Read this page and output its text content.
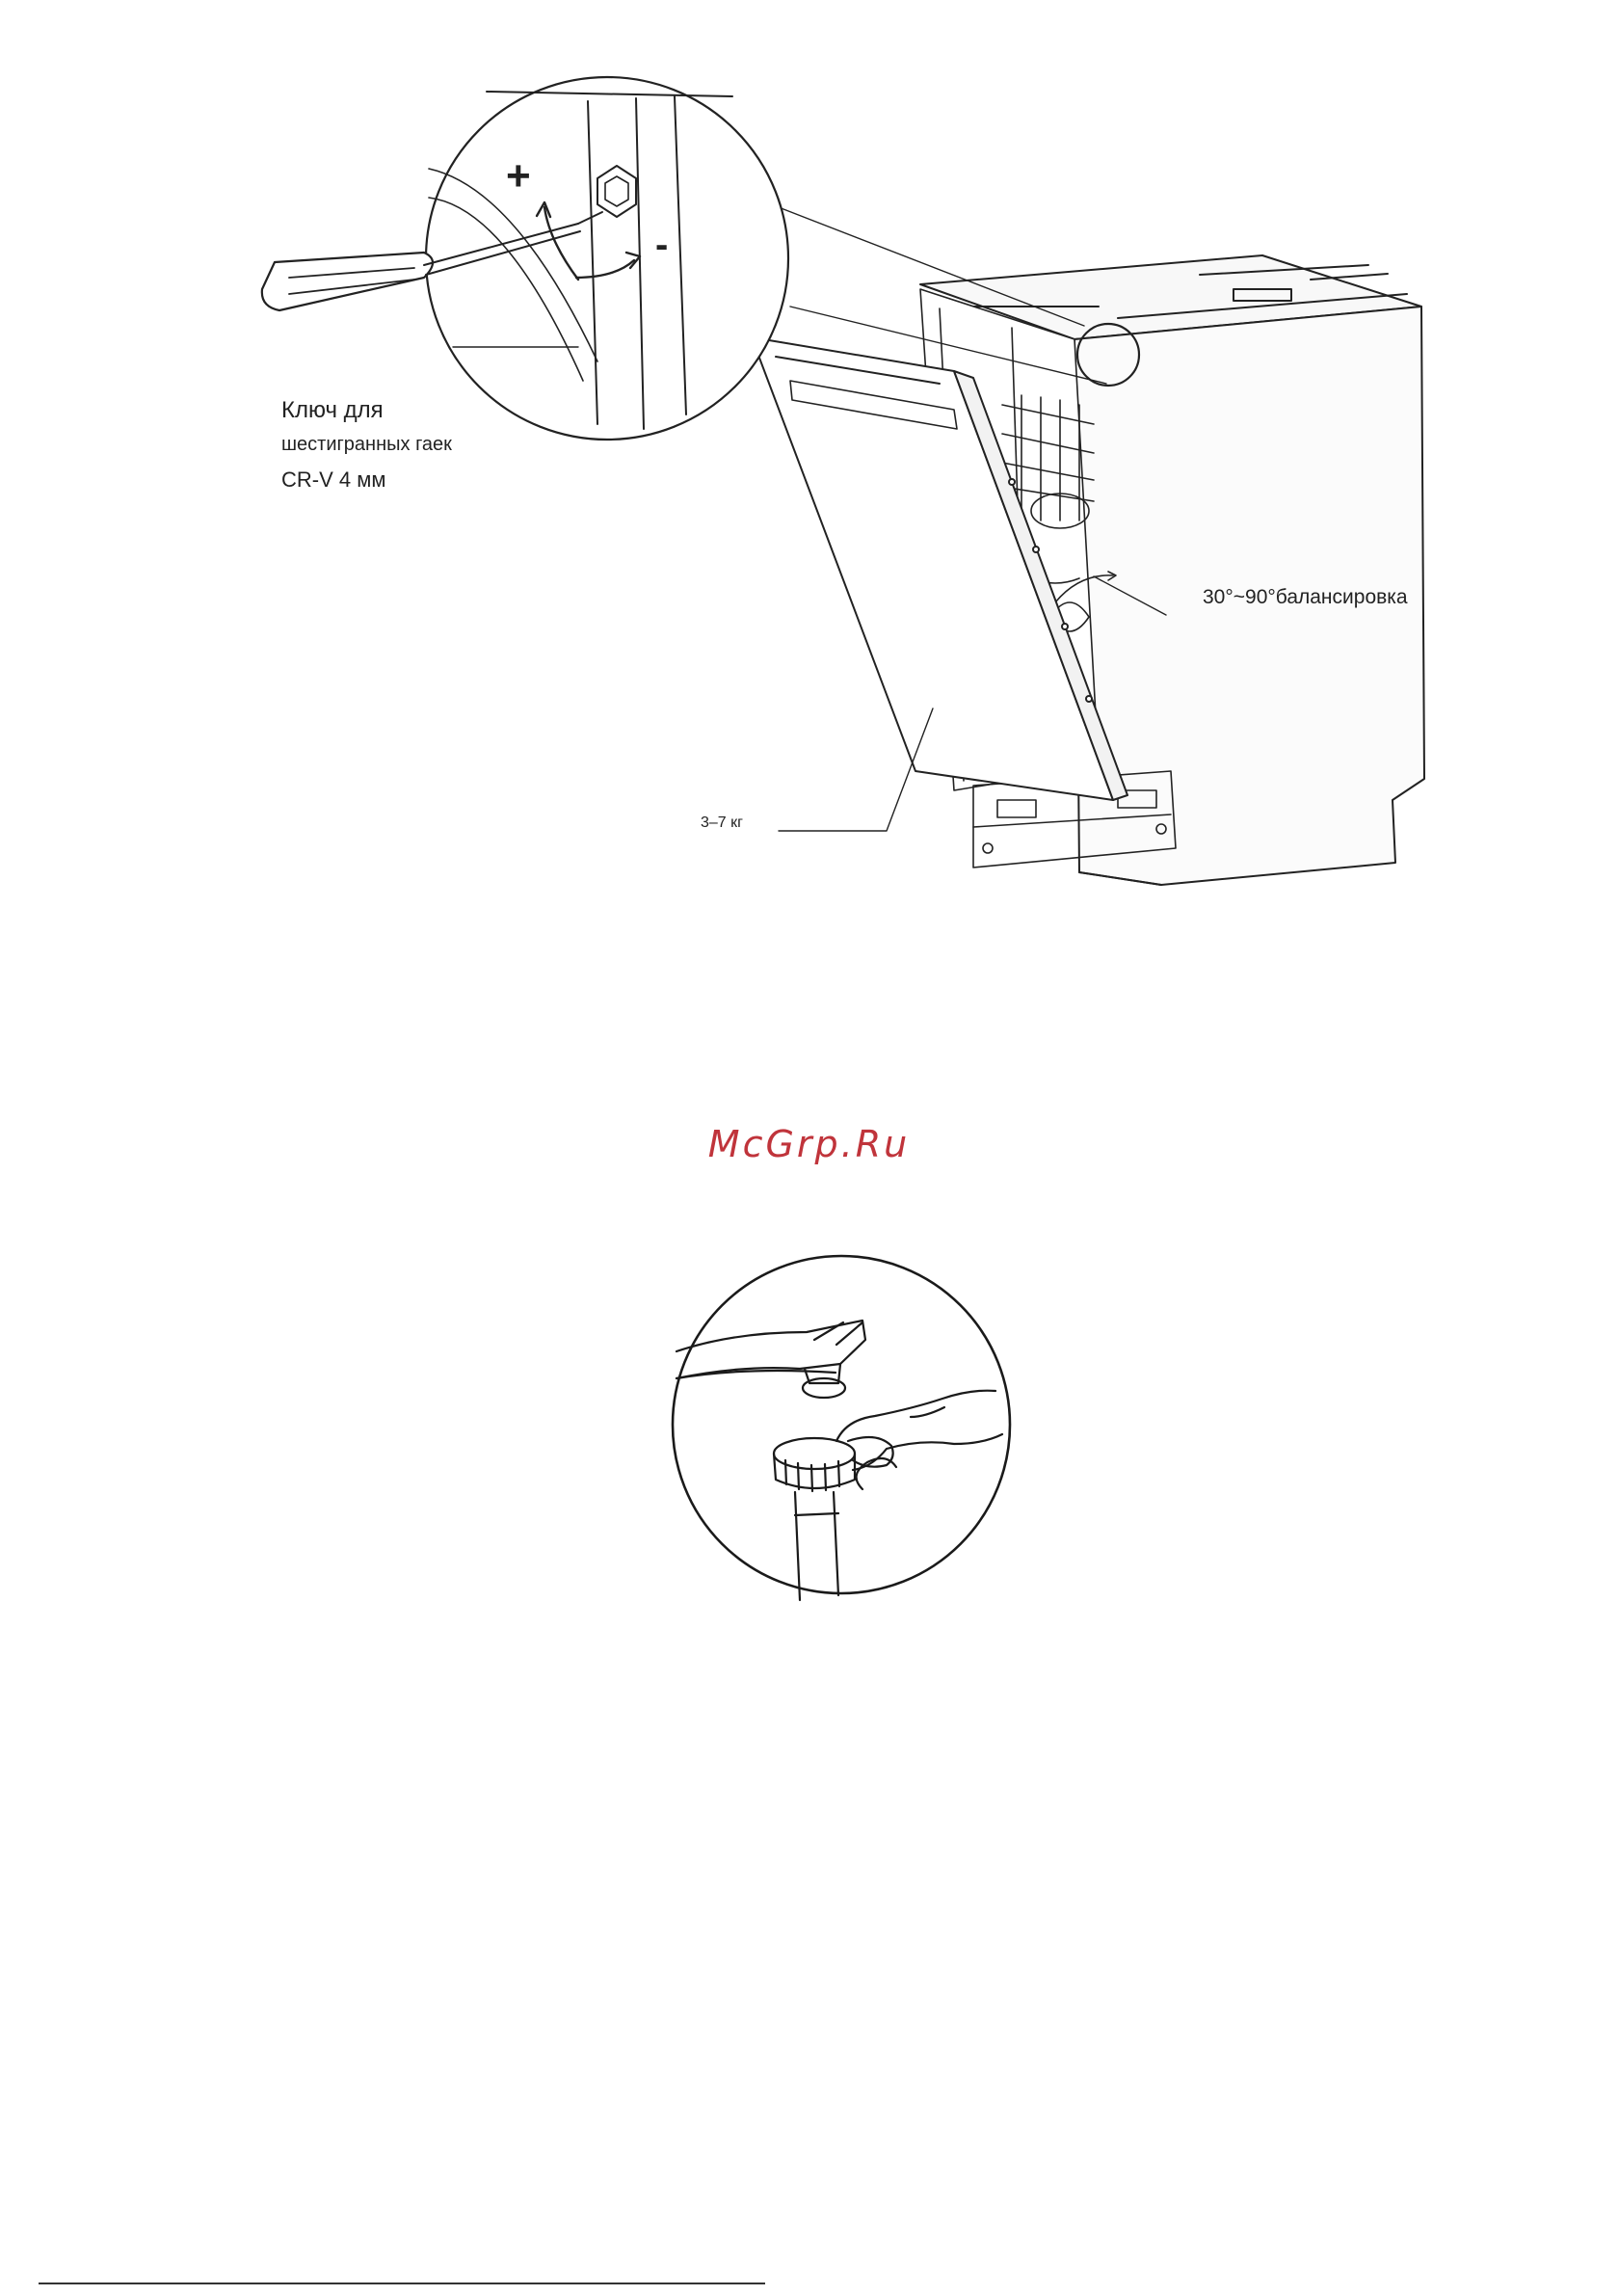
+
-
Ключ для
шестигранных гаек
CR-V 4 мм
30°~90°балансировка
3–7 кг
McGrp.Ru
